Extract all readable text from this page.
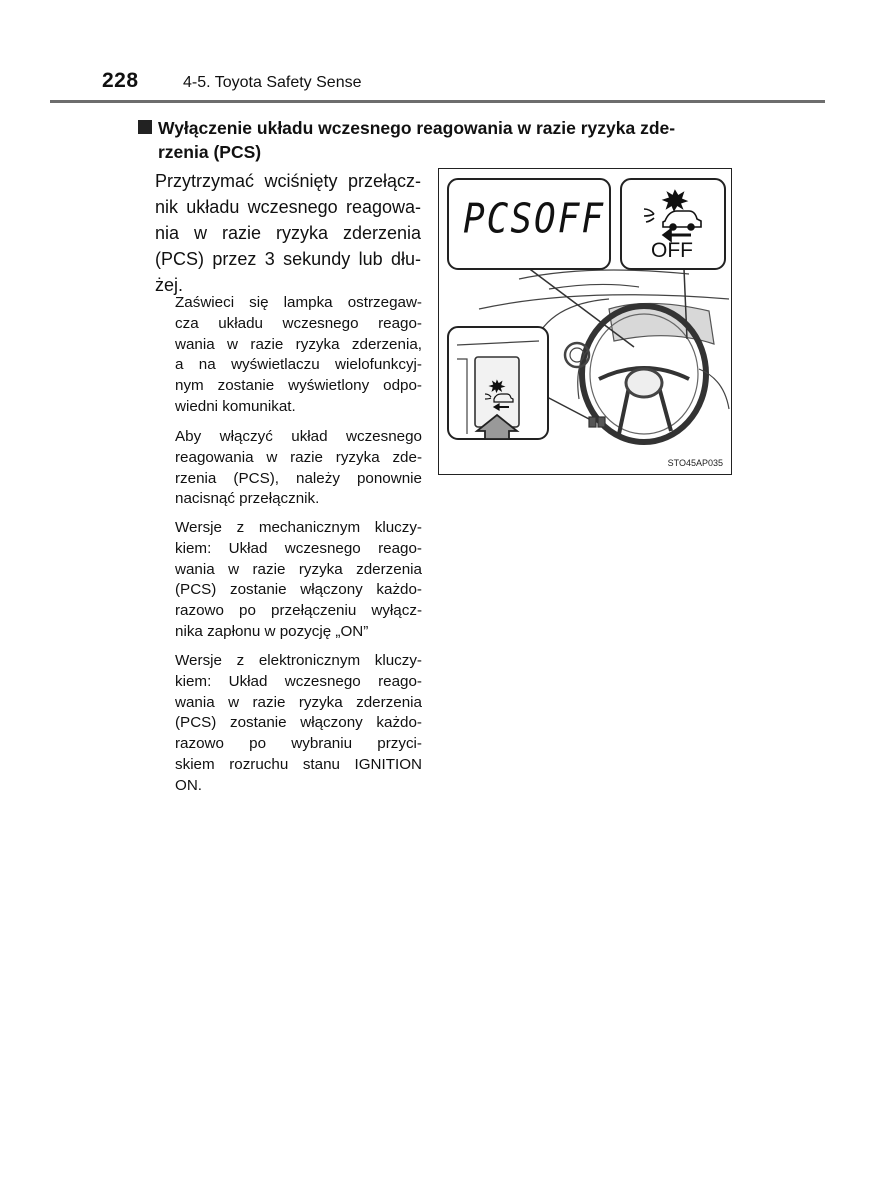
228	4-5. Toyota Safety Sense
Wyłączenie układu wczesnego reagowania w razie ryzyka zde-
rzenia (PCS)
Przytrzymać wciśnięty przełącz-
nik układu wczesnego reagowa-
nia w razie ryzyka zderzenia
(PCS) przez 3 sekundy lub dłu-
żej.
Zaświeci się lampka ostrzegaw-
cza układu wczesnego reago-
wania w razie ryzyka zderzenia,
a na wyświetlaczu wielofunkcyj-
nym zostanie wyświetlony odpo-
wiedni komunikat.
Aby włączyć układ wczesnego
reagowania w razie ryzyka zde-
rzenia (PCS), należy ponownie
nacisnąć przełącznik.
Wersje z mechanicznym kluczy-
kiem: Układ wczesnego reago-
wania w razie ryzyka zderzenia
(PCS) zostanie włączony każdo-
razowo po przełączeniu wyłącz-
nika zapłonu w pozycję „ON”
Wersje z elektronicznym kluczy-
kiem: Układ wczesnego reago-
wania w razie ryzyka zderzenia
(PCS) zostanie włączony każdo-
razowo po wybraniu przyci-
skiem rozruchu stanu IGNITION
ON.
PCSOFF
OFF
STO45AP035
